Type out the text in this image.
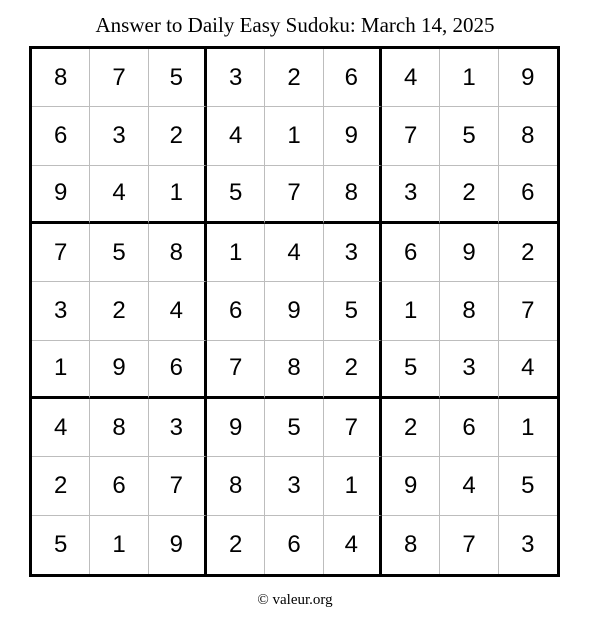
Answer to Daily Easy Sudoku: March 14, 2025
8	7	5	3	2	6	4	1	9
6	3	2	4	1	9	7	5	8
9	4	1	5	7	8	3	2	6
7	5	8	1	4	3	6	9	2
3	2	4	6	9	5	1	8	7
1	9	6	7	8	2	5	3	4
4	8	3	9	5	7	2	6	1
2	6	7	8	3	1	9	4	5
5	1	9	2	6	4	8	7	3
© valeur.org
